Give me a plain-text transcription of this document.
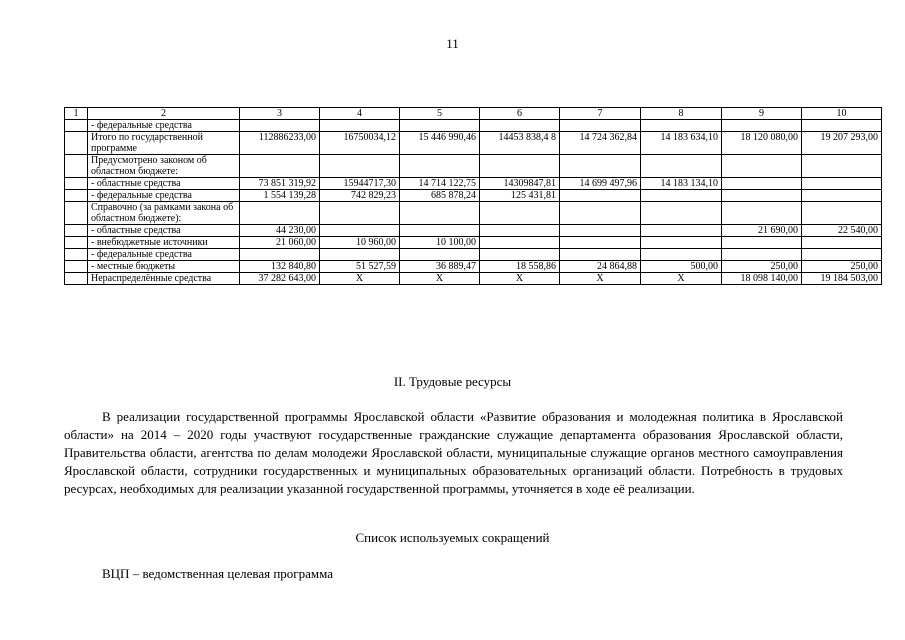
11
1	2	3	4	5	6	7	8	9	10
	- федеральные средства								
	Итого по государственной программе	112886233,00	16750034,12	15 446 990,46	14453 838,4 8	14 724 362,84	14 183 634,10	18 120 080,00	19 207 293,00
	Предусмотрено законом об областном бюджете:								
	- областные средства	73 851 319,92	15944717,30	14 714 122,75	14309847,81	14 699 497,96	14 183 134,10		
	- федеральные средства	1 554 139,28	742 829,23	685 878,24	125 431,81				
	Справочно (за рамками закона об областном бюджете):								
	- областные средства	44 230,00						21 690,00	22 540,00
	- внебюджетные источники	21 060,00	10 960,00	10 100,00					
	- федеральные средства								
	- местные бюджеты	132 840,80	51 527,59	36 889,47	18 558,86	24 864,88	500,00	250,00	250,00
	Нераспределённые средства	37 282 643,00	Х	Х	Х	Х	Х	18 098 140,00	19 184 503,00
II. Трудовые ресурсы
В реализации государственной программы Ярославской области «Развитие образования и молодежная политика в Ярославской области» на 2014 – 2020 годы участвуют государственные гражданские служащие департамента образования Ярославской области, Правительства области, агентства по делам молодежи Ярославской области, муниципальные служащие органов местного самоуправления Ярославской области, сотрудники государственных и муниципальных образовательных организаций области. Потребность в трудовых ресурсах, необходимых для реализации указанной государственной программы, уточняется в ходе её реализации.
Список используемых сокращений
ВЦП – ведомственная целевая программа
